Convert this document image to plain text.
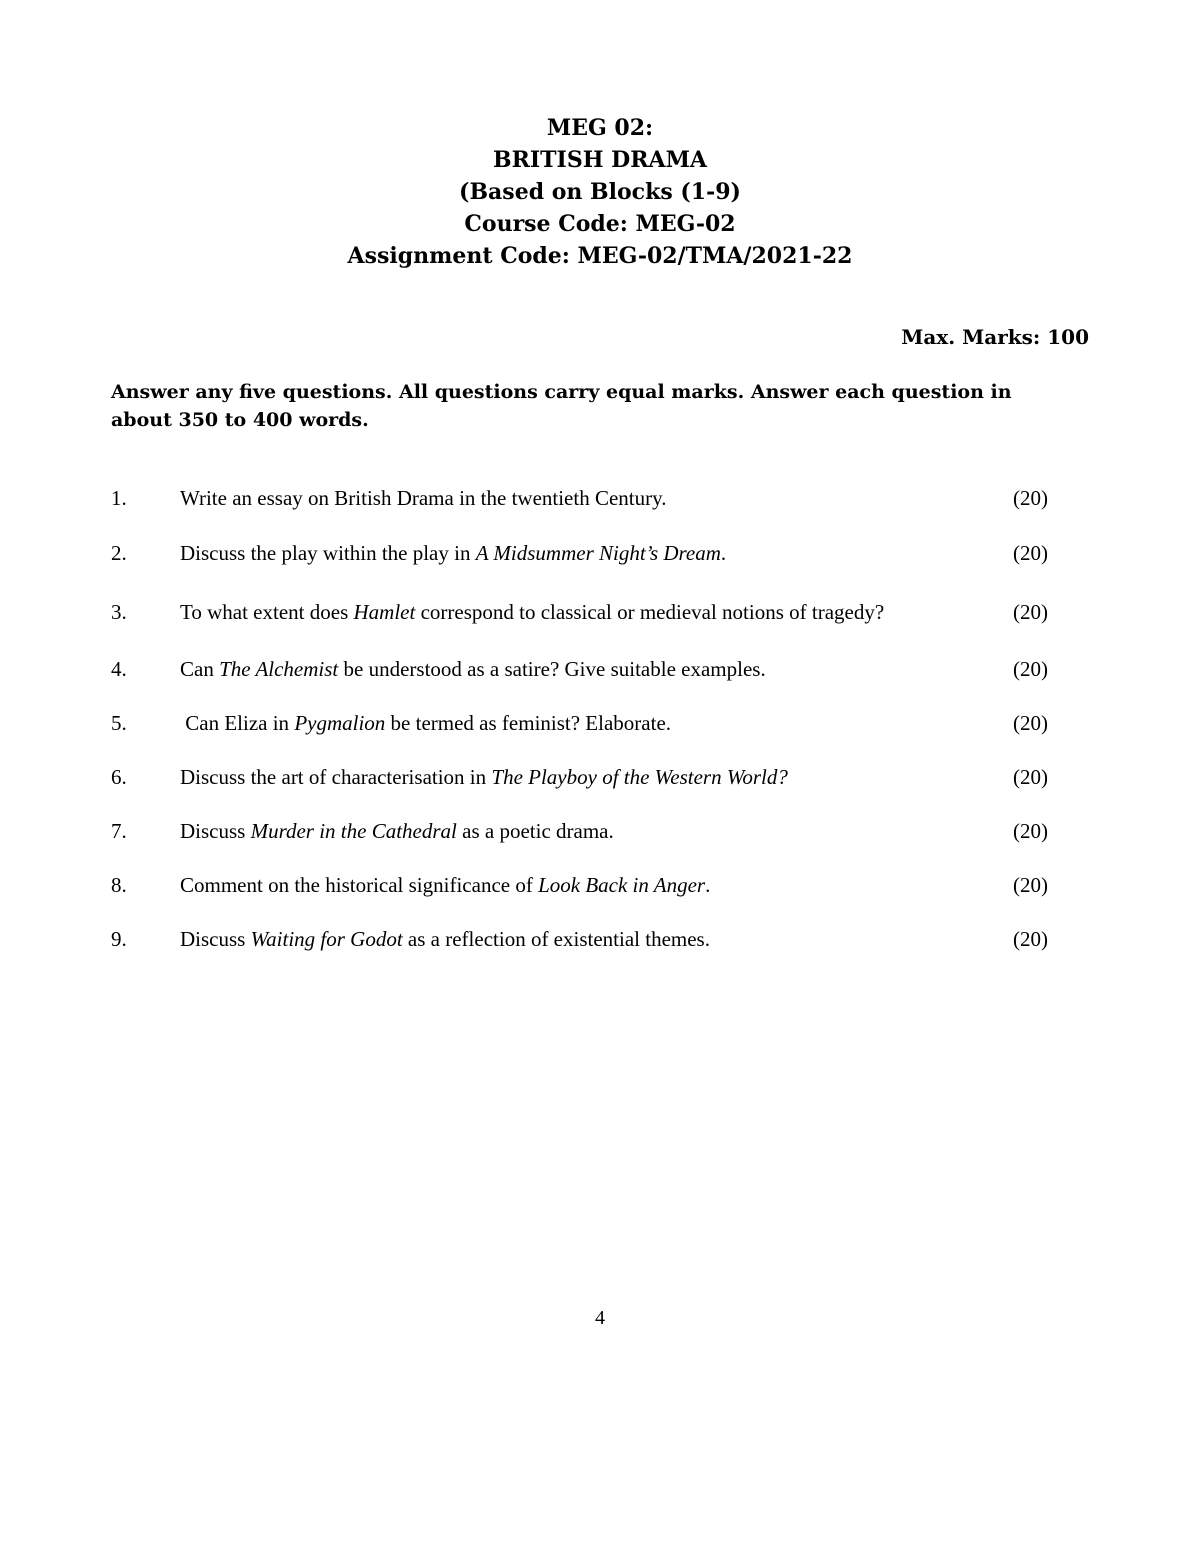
MEG 02:
BRITISH DRAMA
(Based on Blocks (1-9)
Course Code: MEG-02
Assignment Code: MEG-02/TMA/2021-22
Max. Marks: 100
Answer any five questions. All questions carry equal marks. Answer each question in about 350 to 400 words.
1.	Write an essay on British Drama in the twentieth Century.	(20)
2.	Discuss the play within the play in A Midsummer Night’s Dream.	(20)
3.	To what extent does Hamlet correspond to classical or medieval notions of tragedy?	(20)
4.	Can The Alchemist be understood as a satire? Give suitable examples.	(20)
5.	Can Eliza in Pygmalion be termed as feminist? Elaborate.	(20)
6.	Discuss the art of characterisation in The Playboy of the Western World?	(20)
7.	Discuss Murder in the Cathedral as a poetic drama.	(20)
8.	Comment on the historical significance of Look Back in Anger.	(20)
9.	Discuss Waiting for Godot as a reflection of existential themes.	(20)
4
